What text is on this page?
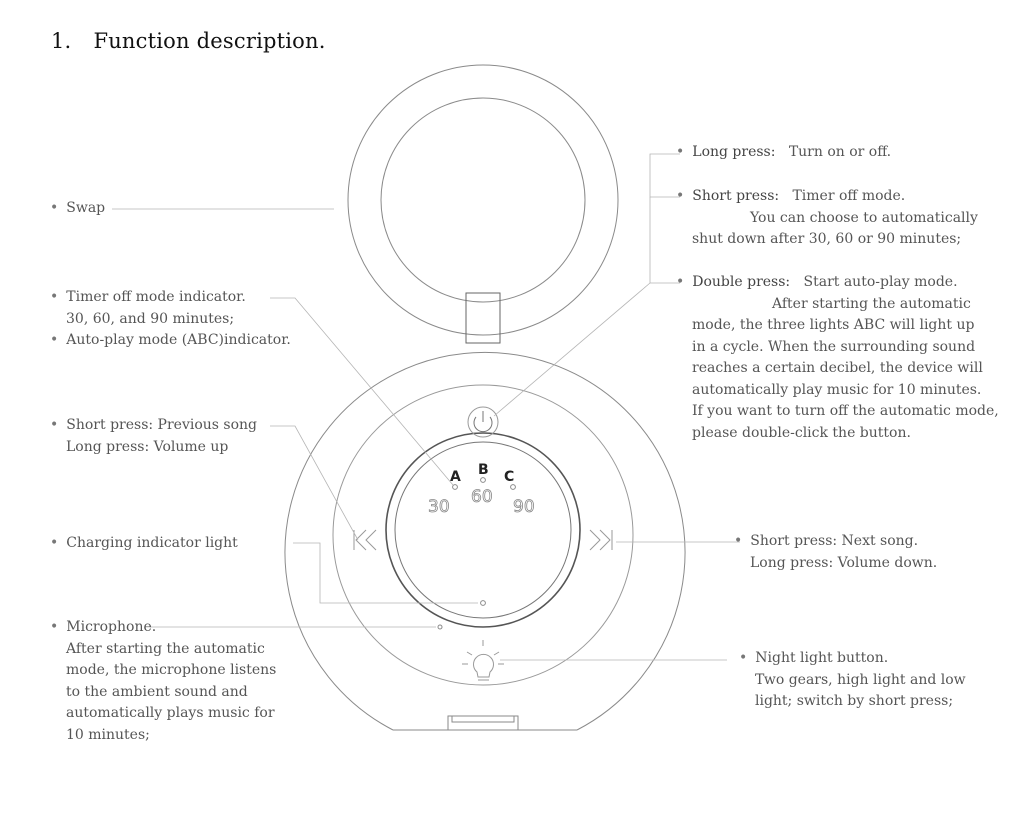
1. Function description.
A B C
30 60 90
• Swap
• Timer off mode indicator.
30, 60, and 90 minutes;
• Auto-play mode (ABC)indicator.
• Short press: Previous song
Long press: Volume up
• Charging indicator light
• Microphone.
After starting the automatic
mode, the microphone listens
to the ambient sound and
automatically plays music for
10 minutes;
• Long press: Turn on or off.
• Short press: Timer off mode.
You can choose to automatically
shut down after 30, 60 or 90 minutes;
• Double press: Start auto-play mode.
After starting the automatic
mode, the three lights ABC will light up
in a cycle. When the surrounding sound
reaches a certain decibel, the device will
automatically play music for 10 minutes.
If you want to turn off the automatic mode,
please double-click the button.
• Short press: Next song.
Long press: Volume down.
• Night light button.
Two gears, high light and low
light; switch by short press;
